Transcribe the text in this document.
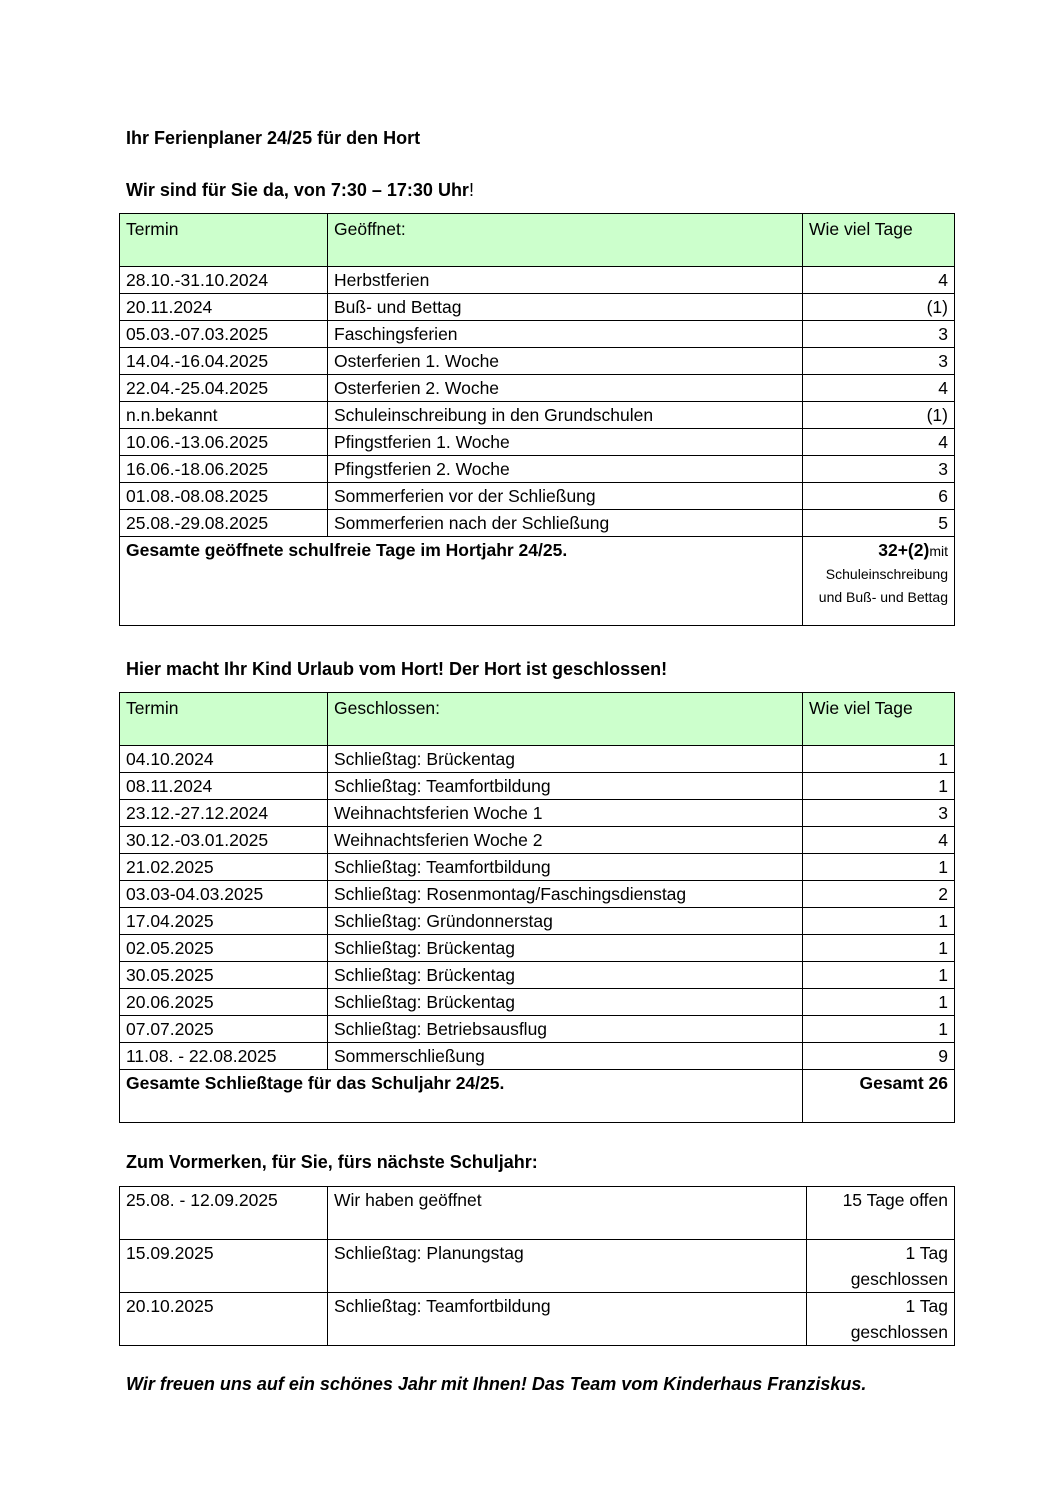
Ihr Ferienplaner 24/25 für den Hort
Wir sind für Sie da, von 7:30 – 17:30 Uhr!
Termin	Geöffnet:	Wie viel Tage
28.10.-31.10.2024	Herbstferien	4
20.11.2024	Buß- und Bettag	(1)
05.03.-07.03.2025	Faschingsferien	3
14.04.-16.04.2025	Osterferien 1. Woche	3
22.04.-25.04.2025	Osterferien 2. Woche	4
n.n.bekannt	Schuleinschreibung in den Grundschulen	(1)
10.06.-13.06.2025	Pfingstferien 1. Woche	4
16.06.-18.06.2025	Pfingstferien 2. Woche	3
01.08.-08.08.2025	Sommerferien vor der Schließung	6
25.08.-29.08.2025	Sommerferien nach der Schließung	5
Gesamte geöffnete schulfreie Tage im Hortjahr 24/25.		32+(2)mit Schuleinschreibung und Buß- und Bettag
Hier macht Ihr Kind Urlaub vom Hort! Der Hort ist geschlossen!
Termin	Geschlossen:	Wie viel Tage
04.10.2024	Schließtag: Brückentag	1
08.11.2024	Schließtag: Teamfortbildung	1
23.12.-27.12.2024	Weihnachtsferien Woche 1	3
30.12.-03.01.2025	Weihnachtsferien Woche 2	4
21.02.2025	Schließtag: Teamfortbildung	1
03.03-04.03.2025	Schließtag: Rosenmontag/Faschingsdienstag	2
17.04.2025	Schließtag: Gründonnerstag	1
02.05.2025	Schließtag: Brückentag	1
30.05.2025	Schließtag: Brückentag	1
20.06.2025	Schließtag: Brückentag	1
07.07.2025	Schließtag: Betriebsausflug	1
11.08. - 22.08.2025	Sommerschließung	9
Gesamte Schließtage für das Schuljahr 24/25.		Gesamt 26
Zum Vormerken, für Sie, fürs nächste Schuljahr:
25.08. - 12.09.2025	Wir haben geöffnet	15 Tage offen

15.09.2025	Schließtag: Planungstag	1 Tag
geschlossen

20.10.2025	Schließtag: Teamfortbildung	1 Tag
geschlossen
Wir freuen uns auf ein schönes Jahr mit Ihnen! Das Team vom Kinderhaus Franziskus.
